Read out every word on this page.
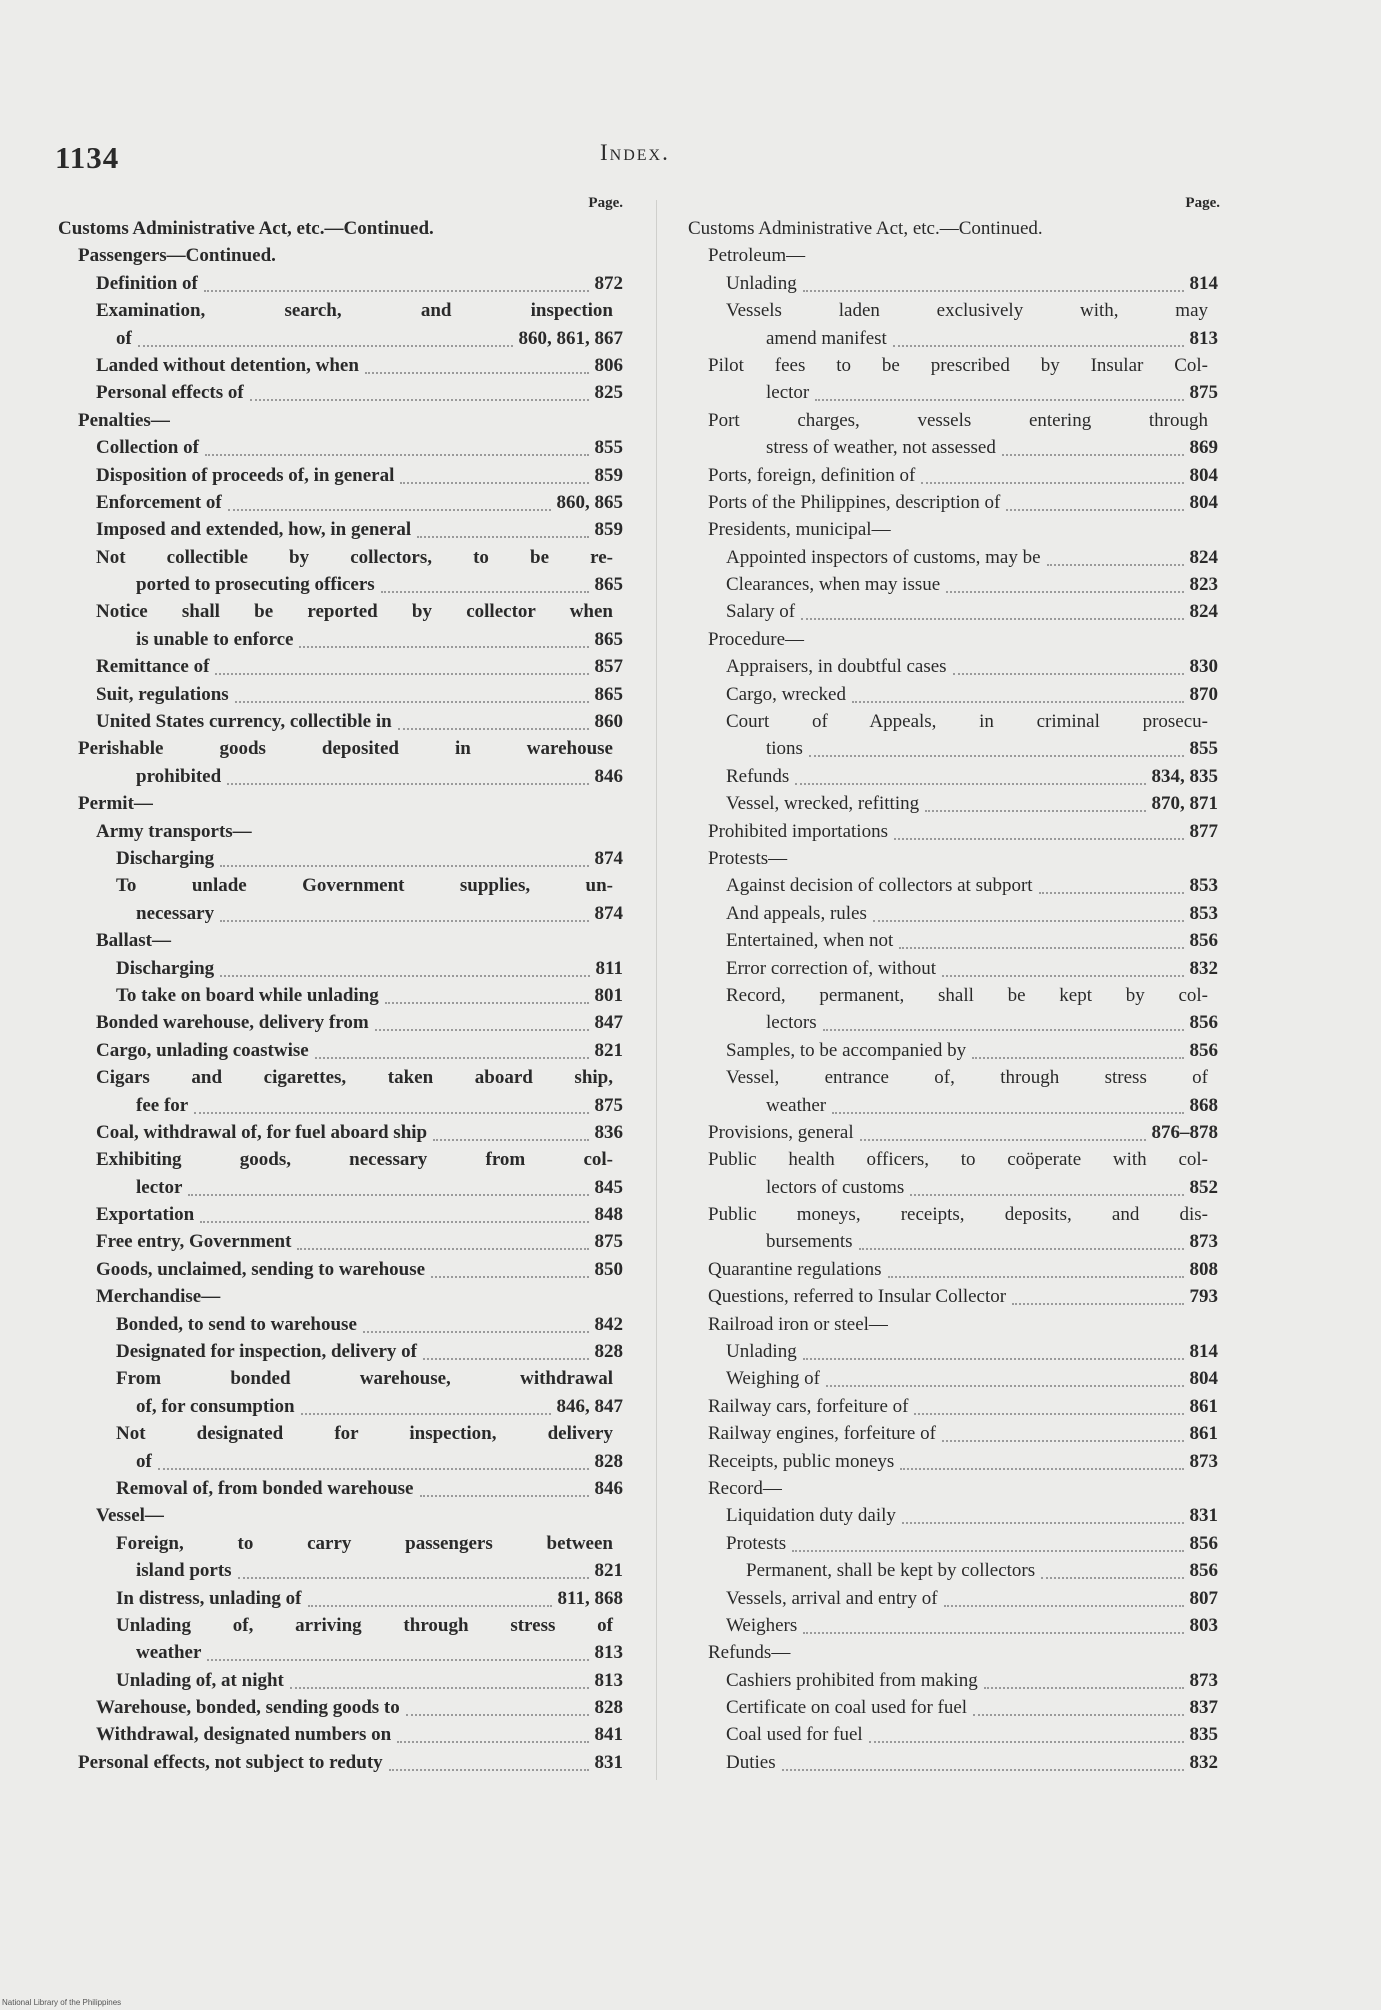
1134	Index.
Page.
Customs Administrative Act, etc.—Continued.
Passengers—Continued.
Definition of	872
Examination, search, and inspection
of	860, 861, 867
Landed without detention, when	806
Personal effects of	825
Penalties—
Collection of	855
Disposition of proceeds of, in general	859
Enforcement of	860, 865
Imposed and extended, how, in general	859
Not collectible by collectors, to be re-
ported to prosecuting officers	865
Notice shall be reported by collector when
is unable to enforce	865
Remittance of	857
Suit, regulations	865
United States currency, collectible in	860
Perishable goods deposited in warehouse
prohibited	846
Permit—
Army transports—
Discharging	874
To unlade Government supplies, un-
necessary	874
Ballast—
Discharging	811
To take on board while unlading	801
Bonded warehouse, delivery from	847
Cargo, unlading coastwise	821
Cigars and cigarettes, taken aboard ship,
fee for	875
Coal, withdrawal of, for fuel aboard ship	836
Exhibiting goods, necessary from col-
lector	845
Exportation	848
Free entry, Government	875
Goods, unclaimed, sending to warehouse	850
Merchandise—
Bonded, to send to warehouse	842
Designated for inspection, delivery of	828
From bonded warehouse, withdrawal
of, for consumption	846, 847
Not designated for inspection, delivery
of	828
Removal of, from bonded warehouse	846
Vessel—
Foreign, to carry passengers between
island ports	821
In distress, unlading of	811, 868
Unlading of, arriving through stress of
weather	813
Unlading of, at night	813
Warehouse, bonded, sending goods to	828
Withdrawal, designated numbers on	841
Personal effects, not subject to reduty	831
Page.
Customs Administrative Act, etc.—Continued.
Petroleum—
Unlading	814
Vessels laden exclusively with, may
amend manifest	813
Pilot fees to be prescribed by Insular Col-
lector	875
Port charges, vessels entering through
stress of weather, not assessed	869
Ports, foreign, definition of	804
Ports of the Philippines, description of	804
Presidents, municipal—
Appointed inspectors of customs, may be	824
Clearances, when may issue	823
Salary of	824
Procedure—
Appraisers, in doubtful cases	830
Cargo, wrecked	870
Court of Appeals, in criminal prosecu-
tions	855
Refunds	834, 835
Vessel, wrecked, refitting	870, 871
Prohibited importations	877
Protests—
Against decision of collectors at subport	853
And appeals, rules	853
Entertained, when not	856
Error correction of, without	832
Record, permanent, shall be kept by col-
lectors	856
Samples, to be accompanied by	856
Vessel, entrance of, through stress of
weather	868
Provisions, general	876–878
Public health officers, to coöperate with col-
lectors of customs	852
Public moneys, receipts, deposits, and dis-
bursements	873
Quarantine regulations	808
Questions, referred to Insular Collector	793
Railroad iron or steel—
Unlading	814
Weighing of	804
Railway cars, forfeiture of	861
Railway engines, forfeiture of	861
Receipts, public moneys	873
Record—
Liquidation duty daily	831
Protests	856
Permanent, shall be kept by collectors	856
Vessels, arrival and entry of	807
Weighers	803
Refunds—
Cashiers prohibited from making	873
Certificate on coal used for fuel	837
Coal used for fuel	835
Duties	832
National Library of the Philippines
